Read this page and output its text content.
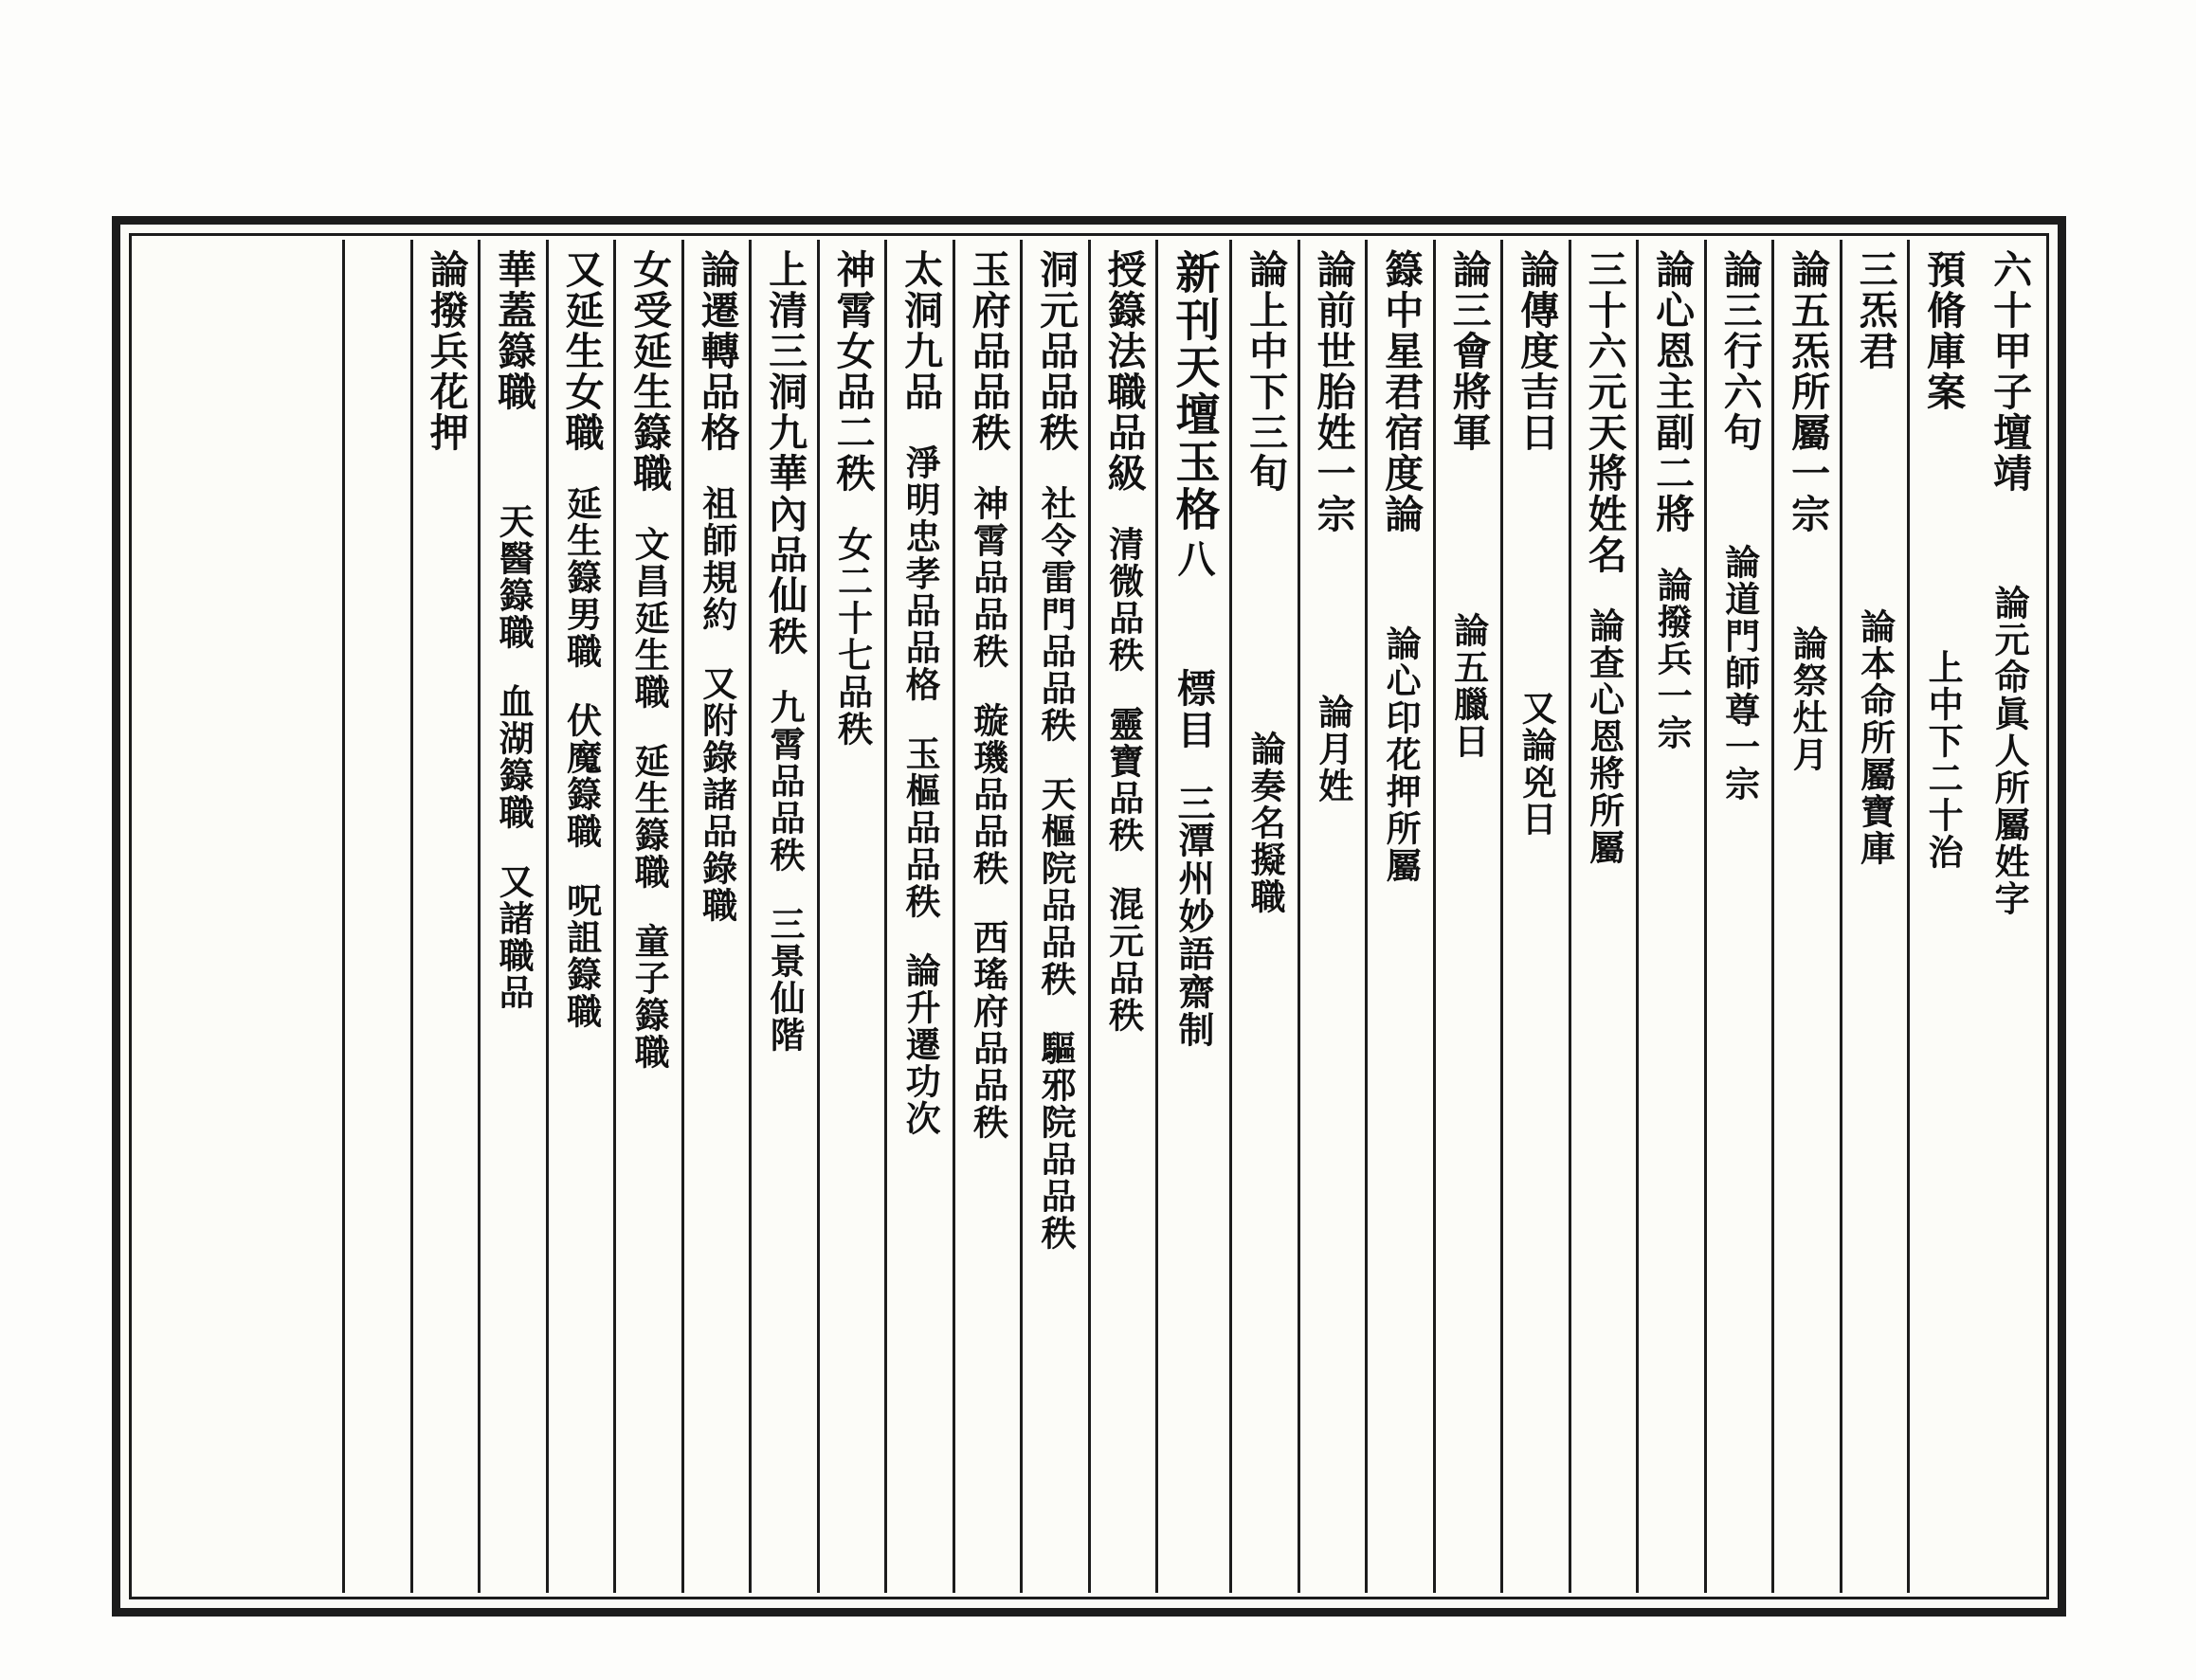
六十甲子壇靖
論元命眞人所屬姓字
預脩庫案
上中下二十治
三炁君
論本命所屬寶庫
論五炁所屬一宗
論祭灶月
論三行六句
論道門師尊一宗
論心恩主副二將
論撥兵一宗
三十六元天將姓名
論查心恩將所屬
論傳度吉日
又論兇日
論三會將軍
論五臘日
籙中星君宿度論
論心印花押所屬
論前世胎姓一宗
論月姓
論上中下三旬
論奏名擬職
新刊天壇玉格
八
標目
三
潭州妙語齋制
授籙法職品級
清微品秩
靈寶品秩
混元品秩
洞元品品秩
社令雷門品品秩
天樞院品品秩
驅邪院品品秩
玉府品品秩
神霄品品秩
璇璣品品秩
西瑤府品品秩
太洞九品
淨明忠孝品品格
玉樞品品秩
論升遷功次
神霄女品二秩
女二十七品秩
上清三洞九華內品仙秩
九霄品品秩
三景仙階
論遷轉品格
祖師規約
又附錄諸品錄職
女受延生籙職
文昌延生職
延生籙職
童子籙職
又延生女職
延生籙男職
伏魔籙職
呪詛籙職
華蓋籙職
天醫籙職
血湖籙職
又諸職品
論撥兵花押
